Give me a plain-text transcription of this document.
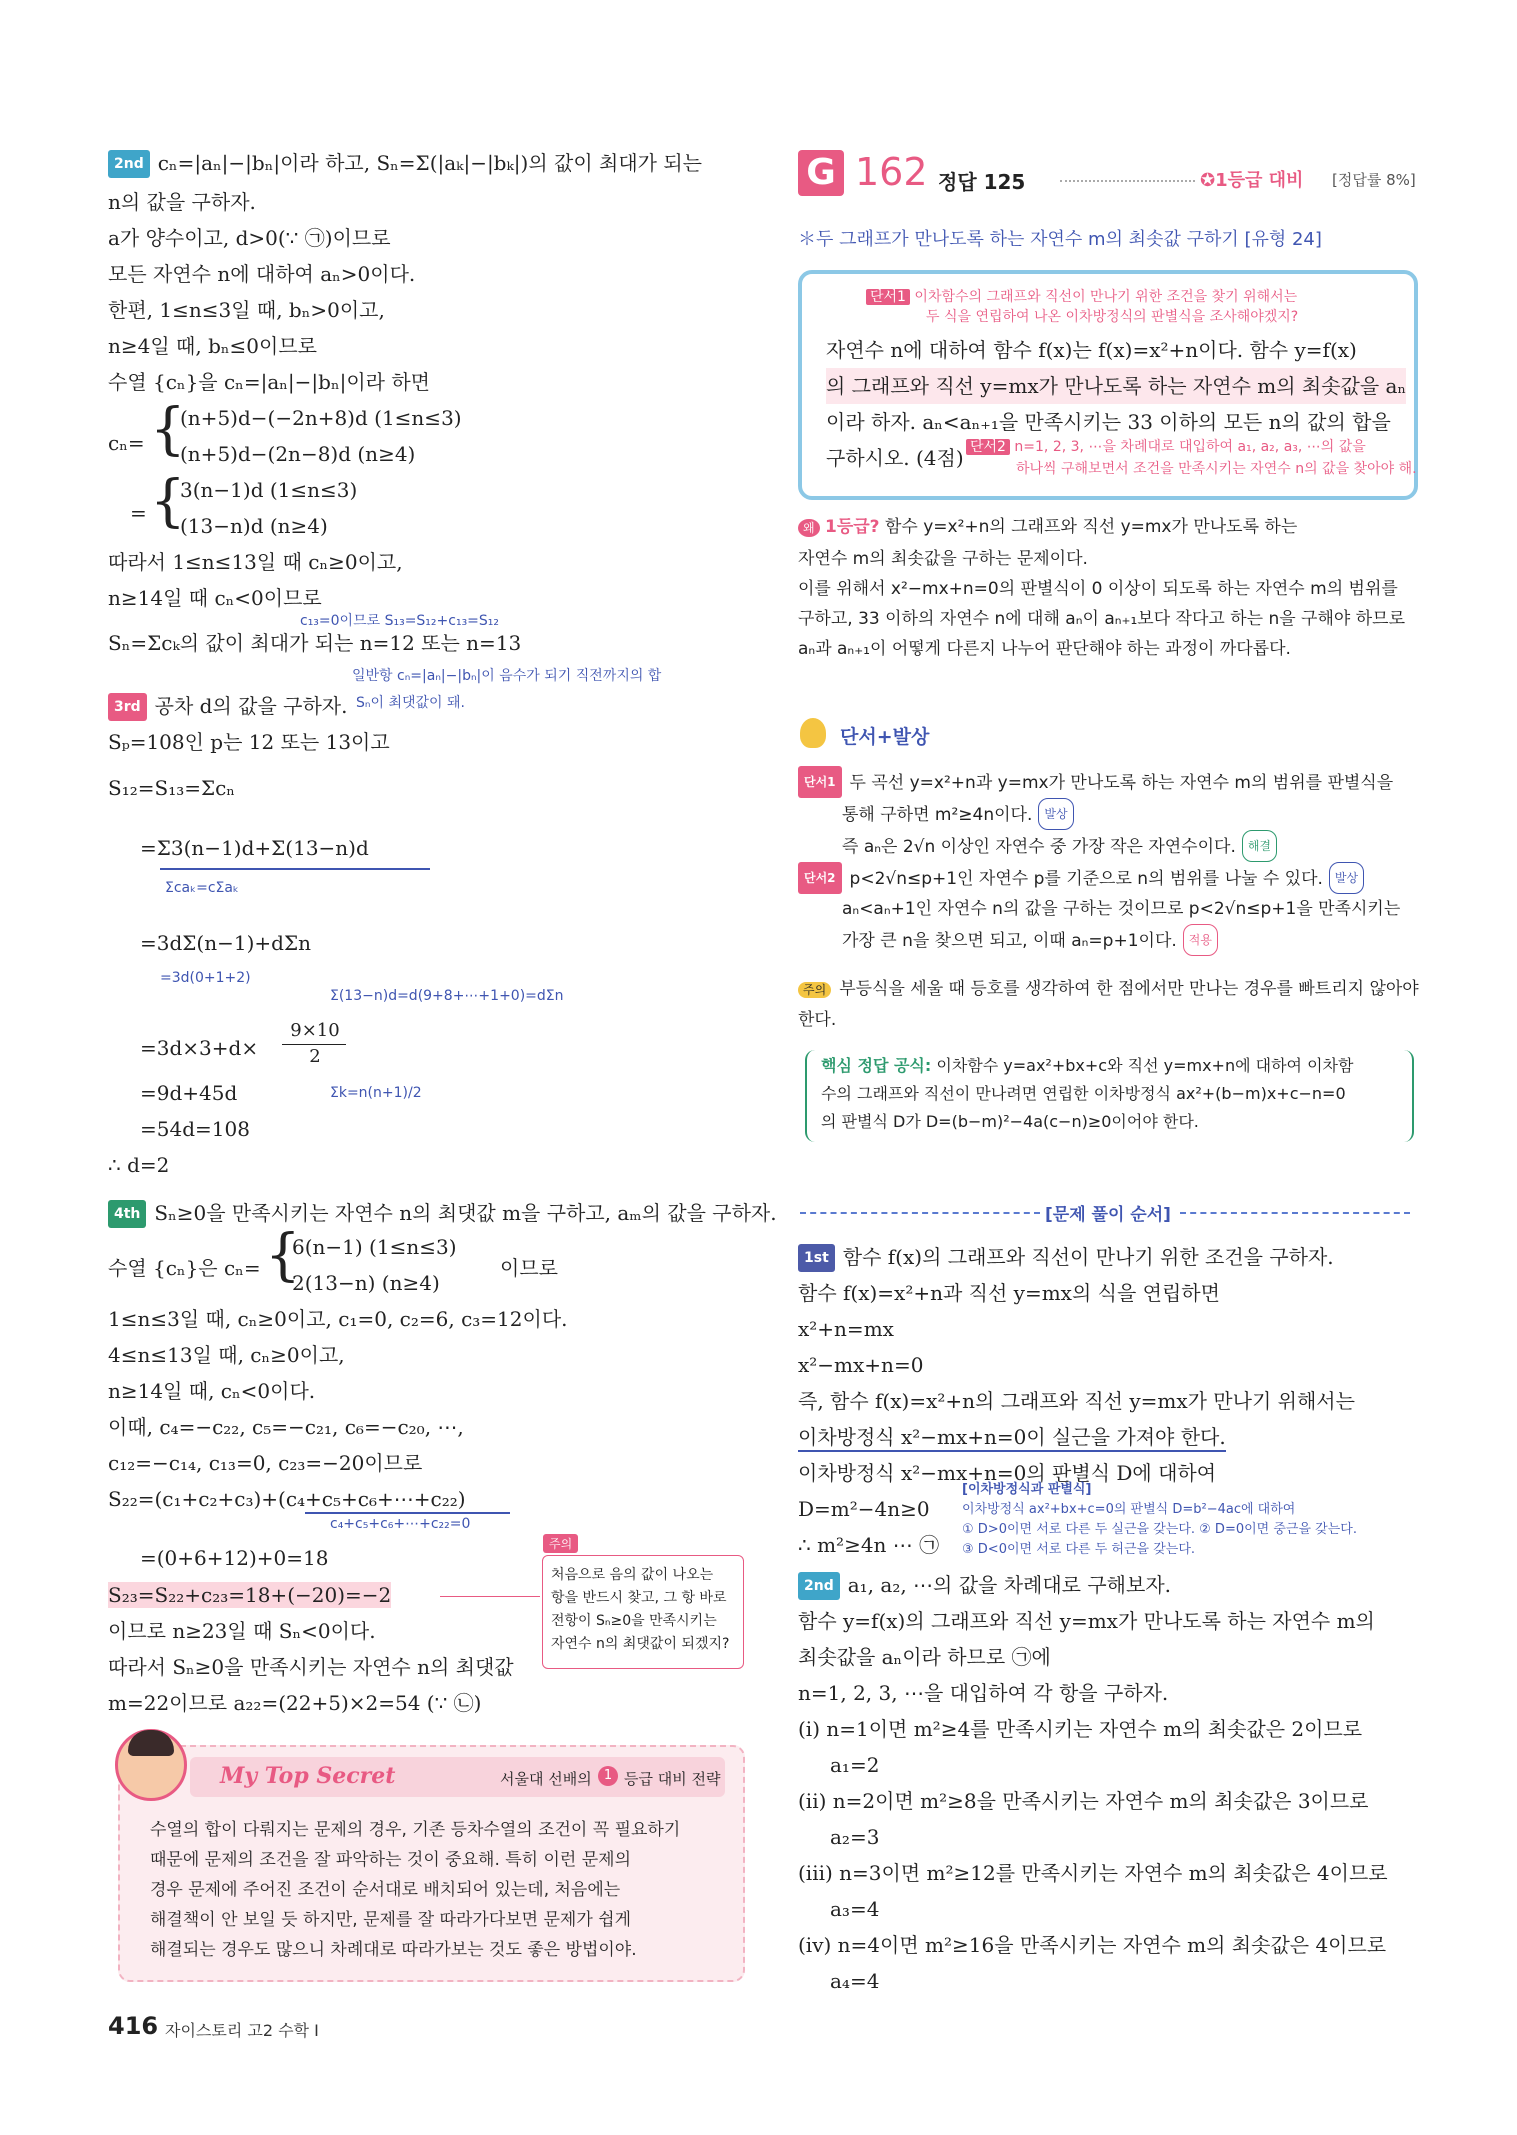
2nd cₙ=|aₙ|−|bₙ|이라 하고, Sₙ=Σ(|aₖ|−|bₖ|)의 값이 최대가 되는
n의 값을 구하자.
a가 양수이고, d>0(∵ ㉠)이므로
모든 자연수 n에 대하여 aₙ>0이다.
한편, 1≤n≤3일 때, bₙ>0이고,
n≥4일 때, bₙ≤0이므로
수열 {cₙ}을 cₙ=|aₙ|−|bₙ|이라 하면
cₙ= {
(n+5)d−(−2n+8)d (1≤n≤3)
(n+5)d−(2n−8)d (n≥4)
= {
3(n−1)d (1≤n≤3)
(13−n)d (n≥4)
따라서 1≤n≤13일 때 cₙ≥0이고,
n≥14일 때 cₙ<0이므로
c₁₃=0이므로 S₁₃=S₁₂+c₁₃=S₁₂
Sₙ=Σcₖ의 값이 최대가 되는 n=12 또는 n=13
일반항 cₙ=|aₙ|−|bₙ|이 음수가 되기 직전까지의 합
3rd 공차 d의 값을 구하자. Sₙ이 최댓값이 돼.
Sₚ=108인 p는 12 또는 13이고
S₁₂=S₁₃=Σcₙ
=Σ3(n−1)d+Σ(13−n)d
Σcaₖ=cΣaₖ
=3dΣ(n−1)+dΣn
=3d(0+1+2)
Σ(13−n)d=d(9+8+⋯+1+0)=dΣn
=3d×3+d×
9×10
2
=9d+45d	Σk=n(n+1)/2
=54d=108
∴ d=2
4th Sₙ≥0을 만족시키는 자연수 n의 최댓값 m을 구하고, aₘ의 값을 구하자.
수열 {cₙ}은 cₙ= {
6(n−1) (1≤n≤3)
2(13−n) (n≥4)
이므로
1≤n≤3일 때, cₙ≥0이고, c₁=0, c₂=6, c₃=12이다.
4≤n≤13일 때, cₙ≥0이고,
n≥14일 때, cₙ<0이다.
이때, c₄=−c₂₂, c₅=−c₂₁, c₆=−c₂₀, ⋯,
c₁₂=−c₁₄, c₁₃=0, c₂₃=−20이므로
S₂₂=(c₁+c₂+c₃)+(c₄+c₅+c₆+⋯+c₂₂)
c₄+c₅+c₆+⋯+c₂₂=0
=(0+6+12)+0=18
S₂₃=S₂₂+c₂₃=18+(−20)=−2
이므로 n≥23일 때 Sₙ<0이다.
따라서 Sₙ≥0을 만족시키는 자연수 n의 최댓값
m=22이므로 a₂₂=(22+5)×2=54 (∵ ㉡)
주의
처음으로 음의 값이 나오는
항을 반드시 찾고, 그 항 바로
전항이 Sₙ≥0을 만족시키는
자연수 n의 최댓값이 되겠지?
My Top Secret	서울대 선배의 1 등급 대비 전략
수열의 합이 다뤄지는 문제의 경우, 기존 등차수열의 조건이 꼭 필요하기
때문에 문제의 조건을 잘 파악하는 것이 중요해. 특히 이런 문제의
경우 문제에 주어진 조건이 순서대로 배치되어 있는데, 처음에는
해결책이 안 보일 듯 하지만, 문제를 잘 따라가다보면 문제가 쉽게
해결되는 경우도 많으니 차례대로 따라가보는 것도 좋은 방법이야.
416 자이스토리 고2 수학 I
G 162 정답 125	✪1등급 대비 [정답률 8%]
＊두 그래프가 만나도록 하는 자연수 m의 최솟값 구하기 [유형 24]
단서1 이차함수의 그래프와 직선이 만나기 위한 조건을 찾기 위해서는
두 식을 연립하여 나온 이차방정식의 판별식을 조사해야겠지?
자연수 n에 대하여 함수 f(x)는 f(x)=x²+n이다. 함수 y=f(x)
의 그래프와 직선 y=mx가 만나도록 하는 자연수 m의 최솟값을 aₙ
이라 하자. aₙ<aₙ₊₁을 만족시키는 33 이하의 모든 n의 값의 합을
구하시오. (4점) 단서2 n=1, 2, 3, ⋯을 차례대로 대입하여 a₁, a₂, a₃, ⋯의 값을
하나씩 구해보면서 조건을 만족시키는 자연수 n의 값을 찾아야 해.
왜 1등급? 함수 y=x²+n의 그래프와 직선 y=mx가 만나도록 하는
자연수 m의 최솟값을 구하는 문제이다.
이를 위해서 x²−mx+n=0의 판별식이 0 이상이 되도록 하는 자연수 m의 범위를
구하고, 33 이하의 자연수 n에 대해 aₙ이 aₙ₊₁보다 작다고 하는 n을 구해야 하므로
aₙ과 aₙ₊₁이 어떻게 다른지 나누어 판단해야 하는 과정이 까다롭다.
단서+발상
단서1 두 곡선 y=x²+n과 y=mx가 만나도록 하는 자연수 m의 범위를 판별식을
통해 구하면 m²≥4n이다. 발상
즉 aₙ은 2√n 이상인 자연수 중 가장 작은 자연수이다. 해결
단서2 p<2√n≤p+1인 자연수 p를 기준으로 n의 범위를 나눌 수 있다. 발상
aₙ<aₙ+1인 자연수 n의 값을 구하는 것이므로 p<2√n≤p+1을 만족시키는
가장 큰 n을 찾으면 되고, 이때 aₙ=p+1이다. 적용
주의 부등식을 세울 때 등호를 생각하여 한 점에서만 만나는 경우를 빠트리지 않아야
한다.
핵심 정답 공식: 이차함수 y=ax²+bx+c와 직선 y=mx+n에 대하여 이차함
수의 그래프와 직선이 만나려면 연립한 이차방정식 ax²+(b−m)x+c−n=0
의 판별식 D가 D=(b−m)²−4a(c−n)≥0이어야 한다.
[문제 풀이 순서]
1st 함수 f(x)의 그래프와 직선이 만나기 위한 조건을 구하자.
함수 f(x)=x²+n과 직선 y=mx의 식을 연립하면
x²+n=mx
x²−mx+n=0
즉, 함수 f(x)=x²+n의 그래프와 직선 y=mx가 만나기 위해서는
이차방정식 x²−mx+n=0이 실근을 가져야 한다.
이차방정식 x²−mx+n=0의 판별식 D에 대하여
D=m²−4n≥0
∴ m²≥4n ⋯ ㉠
[이차방정식과 판별식]
이차방정식 ax²+bx+c=0의 판별식 D=b²−4ac에 대하여
① D>0이면 서로 다른 두 실근을 갖는다. ② D=0이면 중근을 갖는다.
③ D<0이면 서로 다른 두 허근을 갖는다.
2nd a₁, a₂, ⋯의 값을 차례대로 구해보자.
함수 y=f(x)의 그래프와 직선 y=mx가 만나도록 하는 자연수 m의
최솟값을 aₙ이라 하므로 ㉠에
n=1, 2, 3, ⋯을 대입하여 각 항을 구하자.
(i) n=1이면 m²≥4를 만족시키는 자연수 m의 최솟값은 2이므로
a₁=2
(ii) n=2이면 m²≥8을 만족시키는 자연수 m의 최솟값은 3이므로
a₂=3
(iii) n=3이면 m²≥12를 만족시키는 자연수 m의 최솟값은 4이므로
a₃=4
(iv) n=4이면 m²≥16을 만족시키는 자연수 m의 최솟값은 4이므로
a₄=4
